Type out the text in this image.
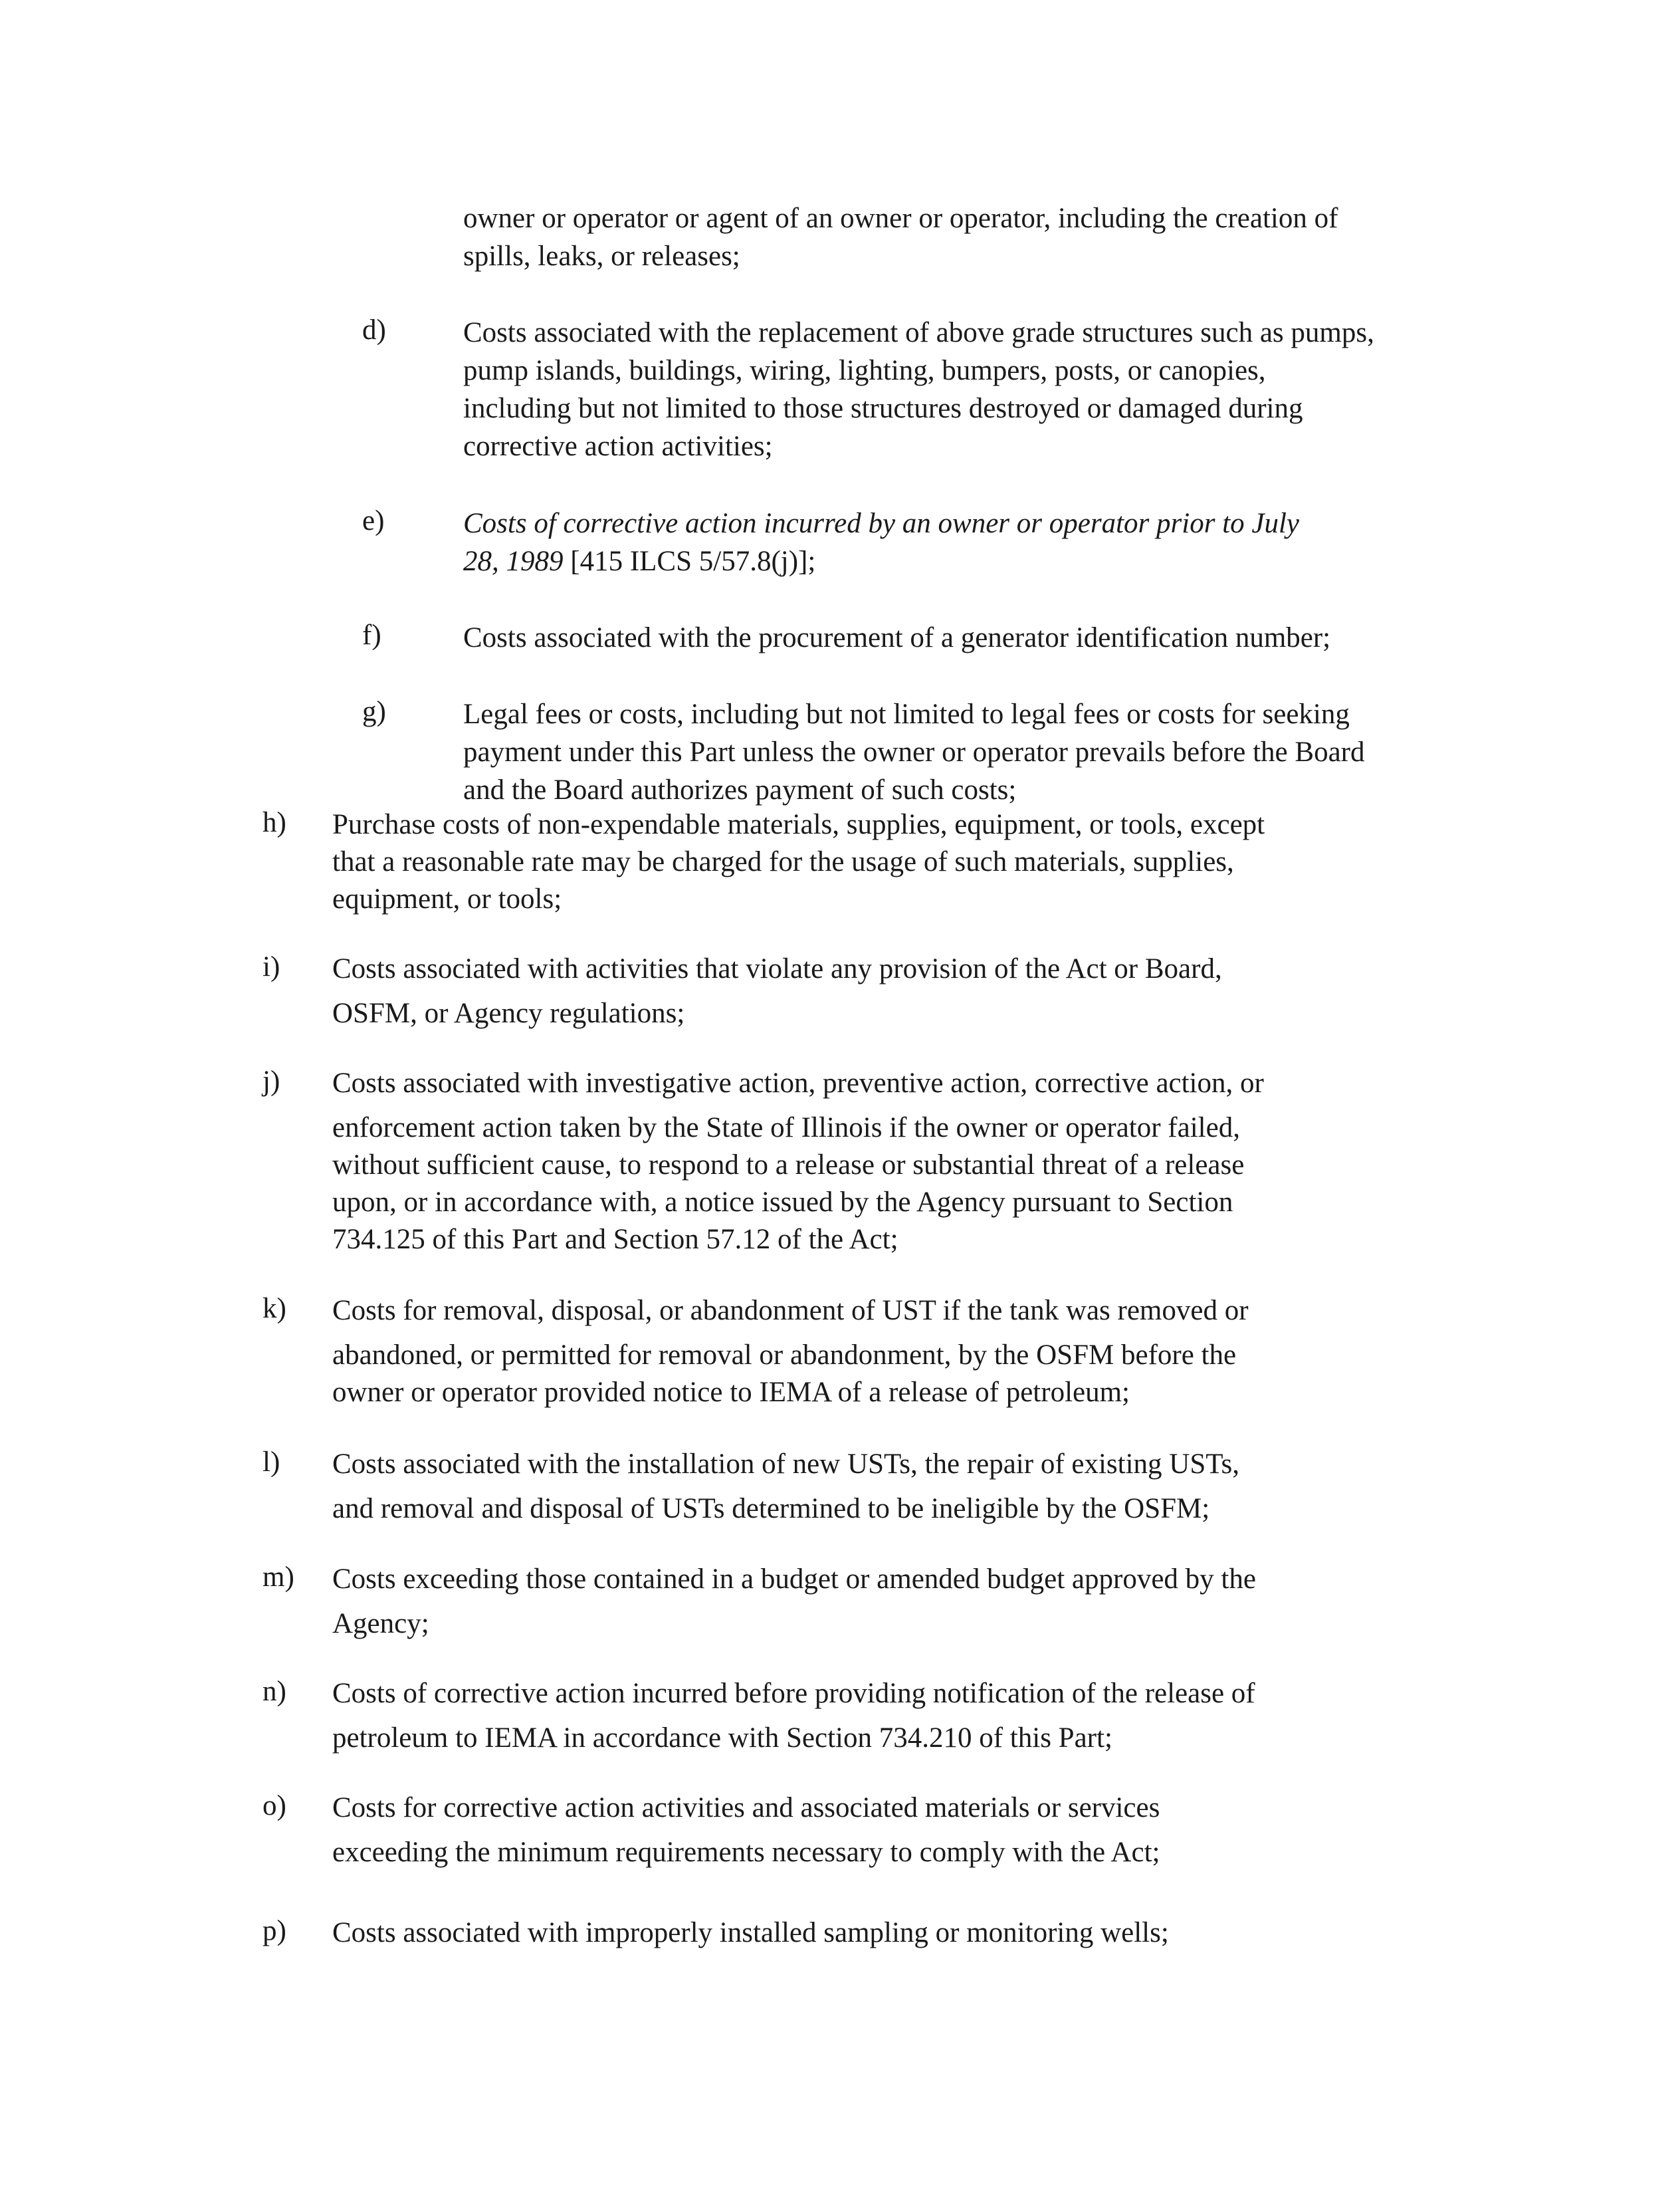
owner or operator or agent of an owner or operator, including the creation of
spills, leaks, or releases;
d)	Costs associated with the replacement of above grade structures such as pumps,
pump islands, buildings, wiring, lighting, bumpers, posts, or canopies,
including but not limited to those structures destroyed or damaged during
corrective action activities;
e)	Costs of corrective action incurred by an owner or operator prior to July
28, 1989 [415 ILCS 5/57.8(j)];
f)	Costs associated with the procurement of a generator identification number;
g)	Legal fees or costs, including but not limited to legal fees or costs for seeking
payment under this Part unless the owner or operator prevails before the Board
and the Board authorizes payment of such costs;
h) Purchase costs of non-expendable materials, supplies, equipment, or tools, except
that a reasonable rate may be charged for the usage of such materials, supplies,
equipment, or tools;
i) Costs associated with activities that violate any provision of the Act or Board,
OSFM, or Agency regulations;
j) Costs associated with investigative action, preventive action, corrective action, or
enforcement action taken by the State of Illinois if the owner or operator failed,
without sufficient cause, to respond to a release or substantial threat of a release
upon, or in accordance with, a notice issued by the Agency pursuant to Section
734.125 of this Part and Section 57.12 of the Act;
k) Costs for removal, disposal, or abandonment of UST if the tank was removed or
abandoned, or permitted for removal or abandonment, by the OSFM before the
owner or operator provided notice to IEMA of a release of petroleum;
l) Costs associated with the installation of new USTs, the repair of existing USTs,
and removal and disposal of USTs determined to be ineligible by the OSFM;
m) Costs exceeding those contained in a budget or amended budget approved by the
Agency;
n) Costs of corrective action incurred before providing notification of the release of
petroleum to IEMA in accordance with Section 734.210 of this Part;
o) Costs for corrective action activities and associated materials or services
exceeding the minimum requirements necessary to comply with the Act;
p) Costs associated with improperly installed sampling or monitoring wells;
